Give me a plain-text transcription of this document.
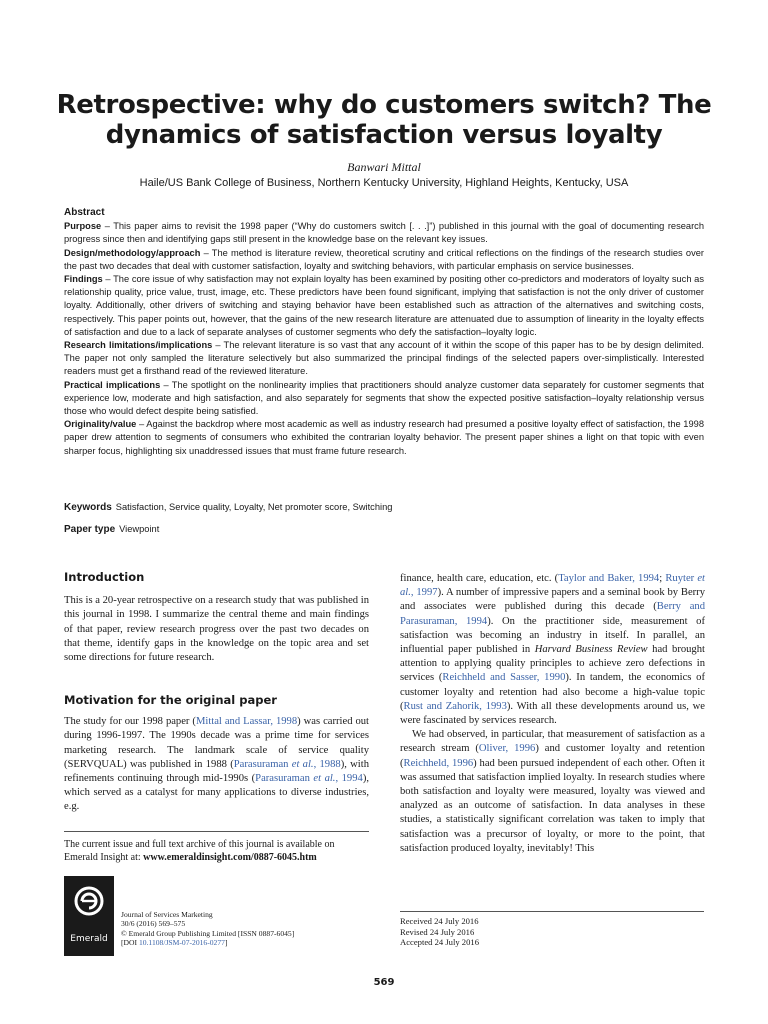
Retrospective: why do customers switch? The dynamics of satisfaction versus loyalty
Banwari Mittal
Haile/US Bank College of Business, Northern Kentucky University, Highland Heights, Kentucky, USA
Abstract

Purpose – This paper aims to revisit the 1998 paper (“Why do customers switch [. . .]”) published in this journal with the goal of documenting research progress since then and identifying gaps still present in the knowledge base on the relevant key issues.

Design/methodology/approach – The method is literature review, theoretical scrutiny and critical reflections on the findings of the research studies over the past two decades that deal with customer satisfaction, loyalty and switching behaviors, with particular emphasis on service businesses.

Findings – The core issue of why satisfaction may not explain loyalty has been examined by positing other co-predictors and moderators of loyalty such as relationship quality, price value, trust, image, etc. These predictors have been found significant, implying that satisfaction is not the only driver of customer loyalty. Additionally, other drivers of switching and staying behavior have been established such as attraction of the alternatives and switching costs, respectively. This paper points out, however, that the gains of the new research literature are attenuated due to assumption of linearity in the loyalty effects of satisfaction and due to a lack of separate analyses of customer segments who defy the satisfaction–loyalty logic.

Research limitations/implications – The relevant literature is so vast that any account of it within the scope of this paper has to be by design delimited. The paper not only sampled the literature selectively but also summarized the principal findings of the selected papers over-simplistically. Interested readers must get a firsthand read of the reviewed literature.

Practical implications – The spotlight on the nonlinearity implies that practitioners should analyze customer data separately for customer segments that experience low, moderate and high satisfaction, and also separately for segments that show the expected positive satisfaction–loyalty relationship versus those who would defect despite being satisfied.

Originality/value – Against the backdrop where most academic as well as industry research had presumed a positive loyalty effect of satisfaction, the 1998 paper drew attention to segments of consumers who exhibited the contrarian loyalty behavior. The present paper shines a light on that topic with even sharper focus, highlighting six unaddressed issues that must frame future research.

Keywords Satisfaction, Service quality, Loyalty, Net promoter score, Switching
Paper type Viewpoint
Introduction

This is a 20-year retrospective on a research study that was published in this journal in 1998. I summarize the central theme and main findings of that paper, review research progress over the past two decades on that theme, identify gaps in the knowledge on the topic area and set some directions for future research.

Motivation for the original paper

The study for our 1998 paper (Mittal and Lassar, 1998) was carried out during 1996-1997. The 1990s decade was a prime time for services marketing research. The landmark scale of service quality (SERVQUAL) was published in 1988 (Parasuraman et al., 1988), with refinements continuing through mid-1990s (Parasuraman et al., 1994), which served as a catalyst for many applications to diverse industries, e.g.

finance, health care, education, etc. (Taylor and Baker, 1994; Ruyter et al., 1997). A number of impressive papers and a seminal book by Berry and associates were published during this decade (Berry and Parasuraman, 1994). On the practitioner side, measurement of satisfaction was becoming an industry in itself. In parallel, an influential paper published in Harvard Business Review had brought attention to applying quality principles to achieve zero defections in services (Reichheld and Sasser, 1990). In tandem, the economics of customer loyalty and retention had also become a high-value topic (Rust and Zahorik, 1993). With all these developments around us, we were fascinated by services research.

We had observed, in particular, that measurement of satisfaction as a research stream (Oliver, 1996) and customer loyalty and retention (Reichheld, 1996) had been pursued independent of each other. Often it was assumed that satisfaction implied loyalty. In research studies where both satisfaction and loyalty were measured, loyalty was viewed and analyzed as an outcome of satisfaction. In data analyses in these studies, a statistically significant correlation was taken to imply that satisfaction was a precursor of loyalty, or more to the point, that satisfaction produced loyalty, inevitably! This

The current issue and full text archive of this journal is available on Emerald Insight at: www.emeraldinsight.com/0887-6045.htm
Emerald
Journal of Services Marketing
30/6 (2016) 569–575
© Emerald Group Publishing Limited [ISSN 0887-6045]
[DOI 10.1108/JSM-07-2016-0277]
Received 24 July 2016
Revised 24 July 2016
Accepted 24 July 2016
569
